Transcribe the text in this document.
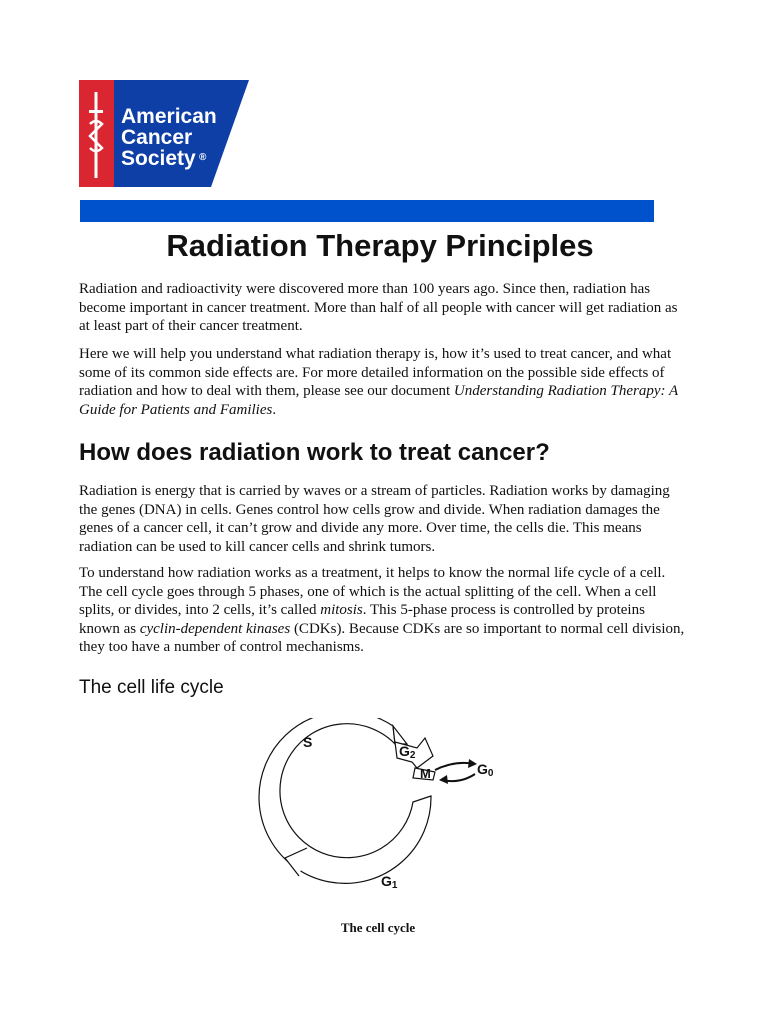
American
Cancer
Society ®
Radiation Therapy Principles

Radiation and radioactivity were discovered more than 100 years ago. Since then, radiation has become important in cancer treatment. More than half of all people with cancer will get radiation as at least part of their cancer treatment.

Here we will help you understand what radiation therapy is, how it’s used to treat cancer, and what some of its common side effects are. For more detailed information on the possible side effects of radiation and how to deal with them, please see our document Understanding Radiation Therapy: A Guide for Patients and Families.

How does radiation work to treat cancer?

Radiation is energy that is carried by waves or a stream of particles. Radiation works by damaging the genes (DNA) in cells. Genes control how cells grow and divide. When radiation damages the genes of a cancer cell, it can’t grow and divide any more. Over time, the cells die. This means radiation can be used to kill cancer cells and shrink tumors.

To understand how radiation works as a treatment, it helps to know the normal life cycle of a cell. The cell cycle goes through 5 phases, one of which is the actual splitting of the cell. When a cell splits, or divides, into 2 cells, it’s called mitosis. This 5-phase process is controlled by proteins known as cyclin-dependent kinases (CDKs). Because CDKs are so important to normal cell division, they too have a number of control mechanisms.

The cell life cycle
S
G2
M	G0
G1

The cell cycle
